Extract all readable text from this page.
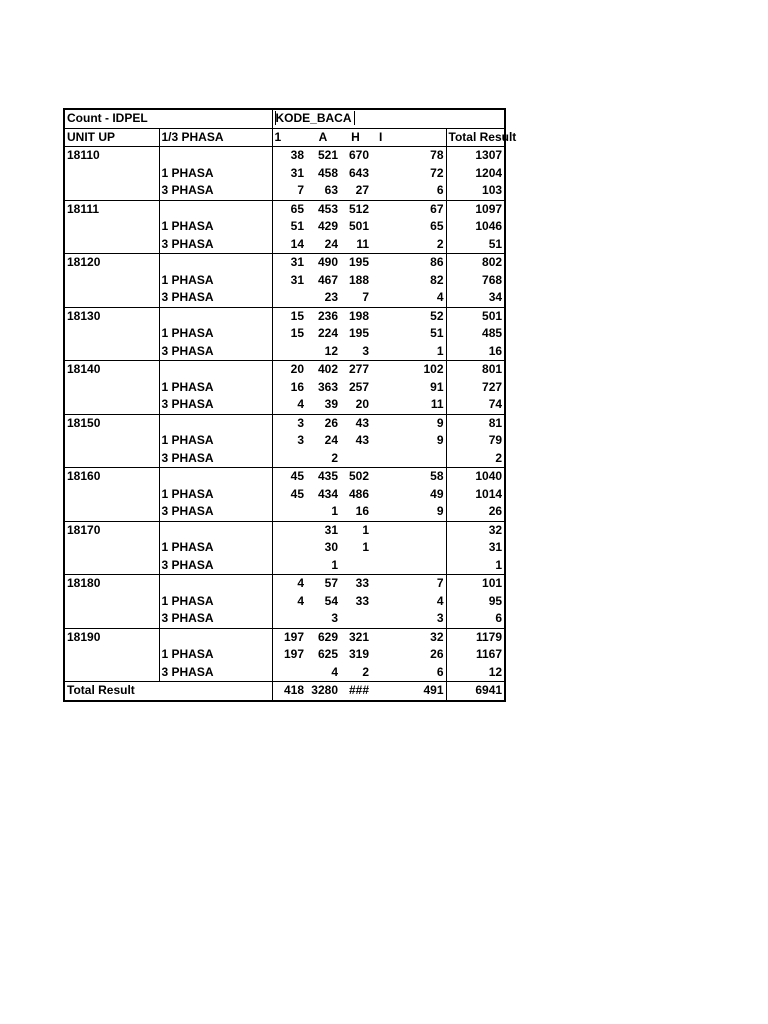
Count - IDPEL		KODE_BACA				
UNIT UP	1/3 PHASA	1	A	H	I	Total Result
18110		38	521	670	78	1307
	1 PHASA	31	458	643	72	1204
	3 PHASA	7	63	27	6	103
18111		65	453	512	67	1097
	1 PHASA	51	429	501	65	1046
	3 PHASA	14	24	11	2	51
18120		31	490	195	86	802
	1 PHASA	31	467	188	82	768
	3 PHASA		23	7	4	34
18130		15	236	198	52	501
	1 PHASA	15	224	195	51	485
	3 PHASA		12	3	1	16
18140		20	402	277	102	801
	1 PHASA	16	363	257	91	727
	3 PHASA	4	39	20	11	74
18150		3	26	43	9	81
	1 PHASA	3	24	43	9	79
	3 PHASA		2			2
18160		45	435	502	58	1040
	1 PHASA	45	434	486	49	1014
	3 PHASA		1	16	9	26
18170			31	1		32
	1 PHASA		30	1		31
	3 PHASA		1			1
18180		4	57	33	7	101
	1 PHASA	4	54	33	4	95
	3 PHASA		3		3	6
18190		197	629	321	32	1179
	1 PHASA	197	625	319	26	1167
	3 PHASA		4	2	6	12
Total Result		418	3280	###	491	6941
